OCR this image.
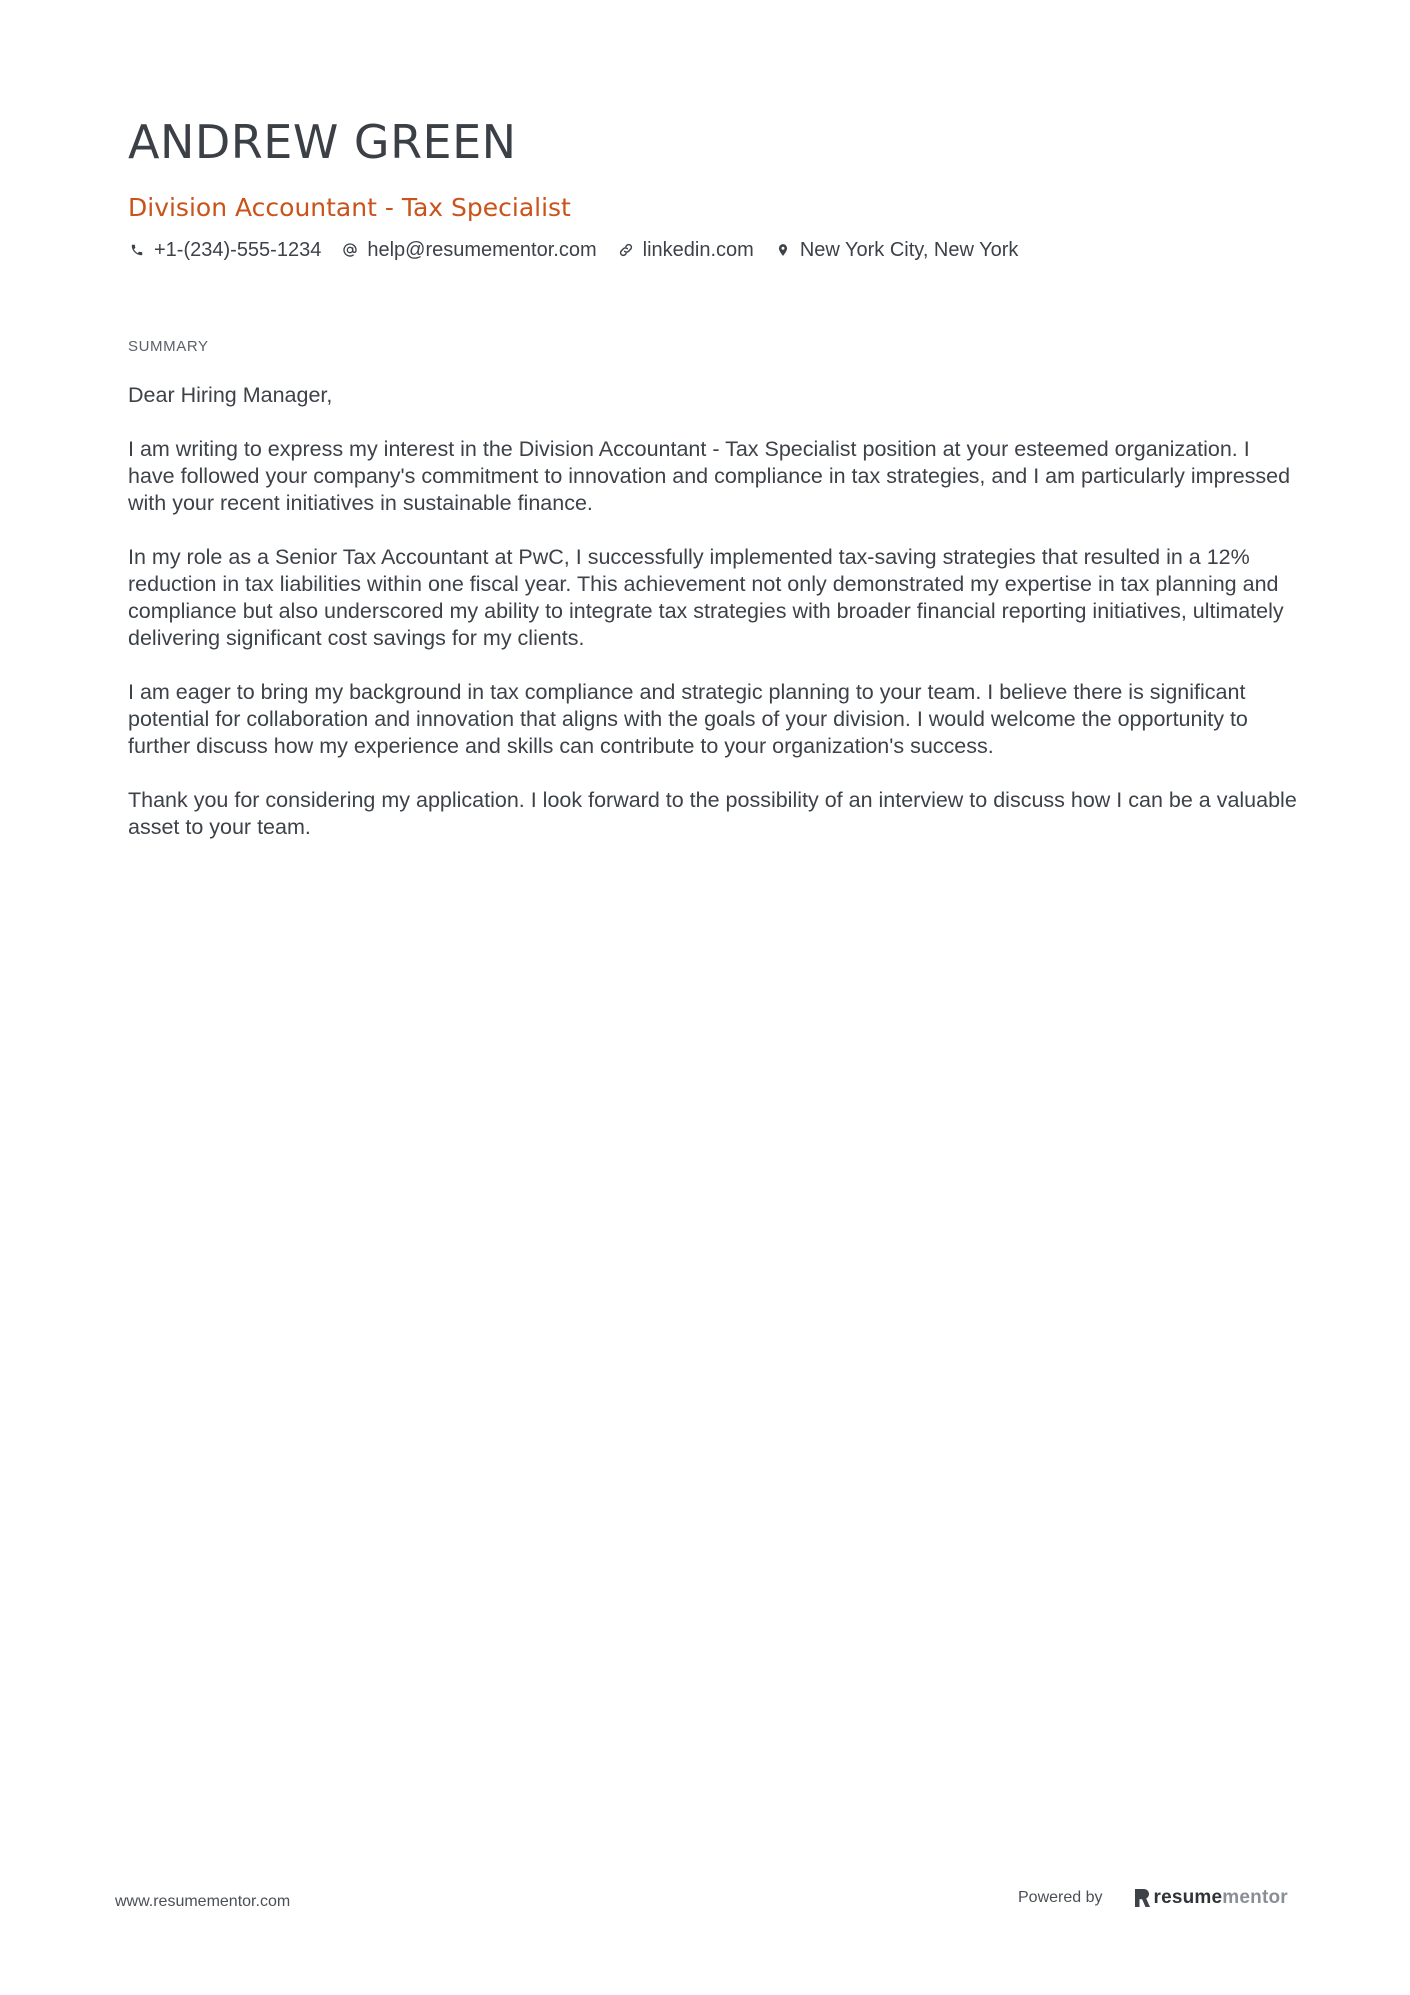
ANDREW GREEN
Division Accountant - Tax Specialist
+1-(234)-555-1234 help@resumementor.com linkedin.com New York City, New York
SUMMARY

Dear Hiring Manager,

I am writing to express my interest in the Division Accountant - Tax Specialist position at your esteemed organization. I have followed your company's commitment to innovation and compliance in tax strategies, and I am particularly impressed with your recent initiatives in sustainable finance.

In my role as a Senior Tax Accountant at PwC, I successfully implemented tax-saving strategies that resulted in a 12% reduction in tax liabilities within one fiscal year. This achievement not only demonstrated my expertise in tax planning and compliance but also underscored my ability to integrate tax strategies with broader financial reporting initiatives, ultimately delivering significant cost savings for my clients.

I am eager to bring my background in tax compliance and strategic planning to your team. I believe there is significant potential for collaboration and innovation that aligns with the goals of your division. I would welcome the opportunity to further discuss how my experience and skills can contribute to your organization's success.

Thank you for considering my application. I look forward to the possibility of an interview to discuss how I can be a valuable asset to your team.

www.resumementor.com	Powered by	resume mentor
